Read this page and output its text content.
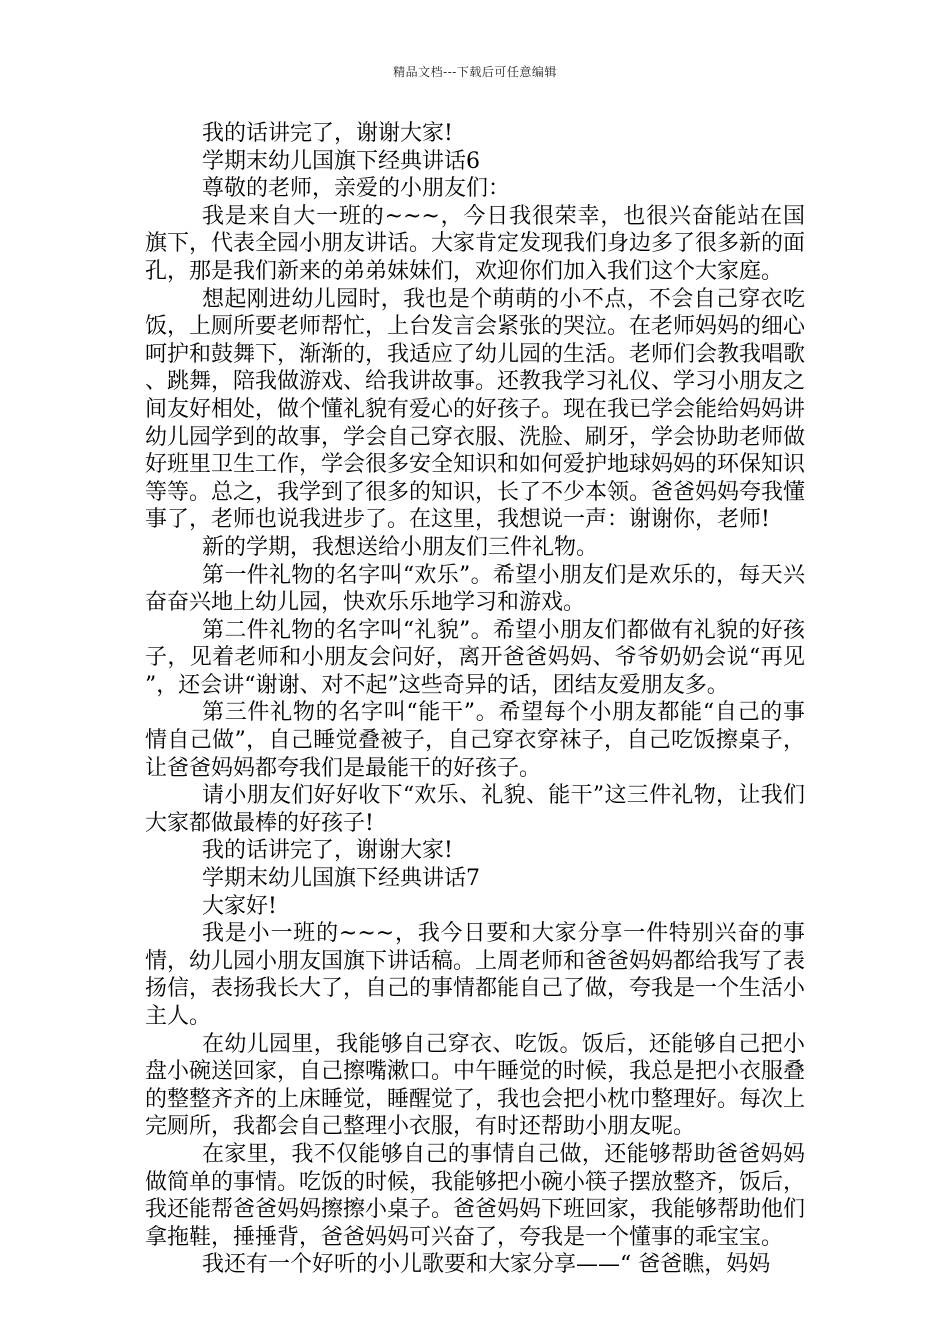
精品文档---下载后可任意编辑

我的话讲完了，谢谢大家!

学期末幼儿国旗下经典讲话6

尊敬的老师，亲爱的小朋友们：

我是来自大一班的~~~，今日我很荣幸，也很兴奋能站在国旗下，代表全园小朋友讲话。大家肯定发现我们身边多了很多新的面孔，那是我们新来的弟弟妹妹们，欢迎你们加入我们这个大家庭。

想起刚进幼儿园时，我也是个萌萌的小不点，不会自己穿衣吃饭，上厕所要老师帮忙，上台发言会紧张的哭泣。在老师妈妈的细心呵护和鼓舞下，渐渐的，我适应了幼儿园的生活。老师们会教我唱歌、跳舞，陪我做游戏、给我讲故事。还教我学习礼仪、学习小朋友之间友好相处，做个懂礼貌有爱心的好孩子。现在我已学会能给妈妈讲幼儿园学到的故事，学会自己穿衣服、洗脸、刷牙，学会协助老师做好班里卫生工作，学会很多安全知识和如何爱护地球妈妈的环保知识等等。总之，我学到了很多的知识，长了不少本领。爸爸妈妈夸我懂事了，老师也说我进步了。在这里，我想说一声：谢谢你，老师!

新的学期，我想送给小朋友们三件礼物。

第一件礼物的名字叫“欢乐”。希望小朋友们是欢乐的，每天兴奋奋兴地上幼儿园，快欢乐乐地学习和游戏。

第二件礼物的名字叫“礼貌”。希望小朋友们都做有礼貌的好孩子，见着老师和小朋友会问好，离开爸爸妈妈、爷爷奶奶会说“再见”，还会讲“谢谢、对不起”这些奇异的话，团结友爱朋友多。

第三件礼物的名字叫“能干”。希望每个小朋友都能“自己的事情自己做”，自己睡觉叠被子，自己穿衣穿袜子，自己吃饭擦桌子，让爸爸妈妈都夸我们是最能干的好孩子。

请小朋友们好好收下“欢乐、礼貌、能干”这三件礼物，让我们大家都做最棒的好孩子!

我的话讲完了，谢谢大家!

学期末幼儿国旗下经典讲话7

大家好!

我是小一班的~~~，我今日要和大家分享一件特别兴奋的事情，幼儿园小朋友国旗下讲话稿。上周老师和爸爸妈妈都给我写了表扬信，表扬我长大了，自己的事情都能自己了做，夸我是一个生活小主人。

在幼儿园里，我能够自己穿衣、吃饭。饭后，还能够自己把小盘小碗送回家，自己擦嘴漱口。中午睡觉的时候，我总是把小衣服叠的整整齐齐的上床睡觉，睡醒觉了，我也会把小枕巾整理好。每次上完厕所，我都会自己整理小衣服，有时还帮助小朋友呢。

在家里，我不仅能够自己的事情自己做，还能够帮助爸爸妈妈做简单的事情。吃饭的时候，我能够把小碗小筷子摆放整齐，饭后，我还能帮爸爸妈妈擦擦小桌子。爸爸妈妈下班回家，我能够帮助他们拿拖鞋，捶捶背，爸爸妈妈可兴奋了，夸我是一个懂事的乖宝宝。

我还有一个好听的小儿歌要和大家分享——“ 爸爸瞧，妈妈
